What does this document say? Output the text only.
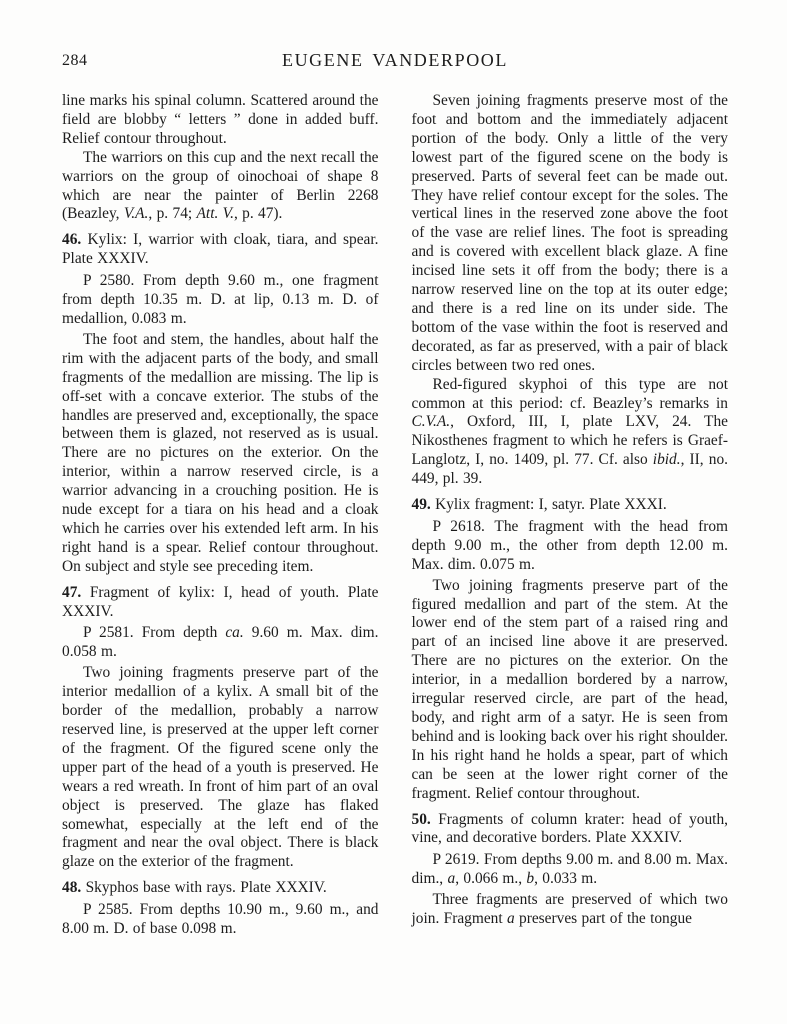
284	EUGENE VANDERPOOL

line marks his spinal column. Scattered around the field are blobby “ letters ” done in added buff. Relief contour throughout.

The warriors on this cup and the next recall the warriors on the group of oinochoai of shape 8 which are near the painter of Berlin 2268 (Beazley, V.A., p. 74; Att. V., p. 47).

46. Kylix: I, warrior with cloak, tiara, and spear. Plate XXXIV.

P 2580. From depth 9.60 m., one fragment from depth 10.35 m. D. at lip, 0.13 m. D. of medallion, 0.083 m.

The foot and stem, the handles, about half the rim with the adjacent parts of the body, and small fragments of the medallion are missing. The lip is off-set with a concave exterior. The stubs of the handles are preserved and, exceptionally, the space between them is glazed, not reserved as is usual. There are no pictures on the exterior. On the interior, within a narrow reserved circle, is a warrior advancing in a crouching position. He is nude except for a tiara on his head and a cloak which he carries over his extended left arm. In his right hand is a spear. Relief contour throughout. On subject and style see preceding item.

47. Fragment of kylix: I, head of youth. Plate XXXIV.

P 2581. From depth ca. 9.60 m. Max. dim. 0.058 m.

Two joining fragments preserve part of the interior medallion of a kylix. A small bit of the border of the medallion, probably a narrow reserved line, is preserved at the upper left corner of the fragment. Of the figured scene only the upper part of the head of a youth is preserved. He wears a red wreath. In front of him part of an oval object is preserved. The glaze has flaked somewhat, especially at the left end of the fragment and near the oval object. There is black glaze on the exterior of the fragment.

48. Skyphos base with rays. Plate XXXIV.

P 2585. From depths 10.90 m., 9.60 m., and 8.00 m. D. of base 0.098 m.

Seven joining fragments preserve most of the foot and bottom and the immediately adjacent portion of the body. Only a little of the very lowest part of the figured scene on the body is preserved. Parts of several feet can be made out. They have relief contour except for the soles. The vertical lines in the reserved zone above the foot of the vase are relief lines. The foot is spreading and is covered with excellent black glaze. A fine incised line sets it off from the body; there is a narrow reserved line on the top at its outer edge; and there is a red line on its under side. The bottom of the vase within the foot is reserved and decorated, as far as preserved, with a pair of black circles between two red ones.

Red-figured skyphoi of this type are not common at this period: cf. Beazley’s remarks in C.V.A., Oxford, III, I, plate LXV, 24. The Nikosthenes fragment to which he refers is Graef-Langlotz, I, no. 1409, pl. 77. Cf. also ibid., II, no. 449, pl. 39.

49. Kylix fragment: I, satyr. Plate XXXI.

P 2618. The fragment with the head from depth 9.00 m., the other from depth 12.00 m. Max. dim. 0.075 m.

Two joining fragments preserve part of the figured medallion and part of the stem. At the lower end of the stem part of a raised ring and part of an incised line above it are preserved. There are no pictures on the exterior. On the interior, in a medallion bordered by a narrow, irregular reserved circle, are part of the head, body, and right arm of a satyr. He is seen from behind and is looking back over his right shoulder. In his right hand he holds a spear, part of which can be seen at the lower right corner of the fragment. Relief contour throughout.

50. Fragments of column krater: head of youth, vine, and decorative borders. Plate XXXIV.

P 2619. From depths 9.00 m. and 8.00 m. Max. dim., a, 0.066 m., b, 0.033 m.

Three fragments are preserved of which two join. Fragment a preserves part of the tongue
